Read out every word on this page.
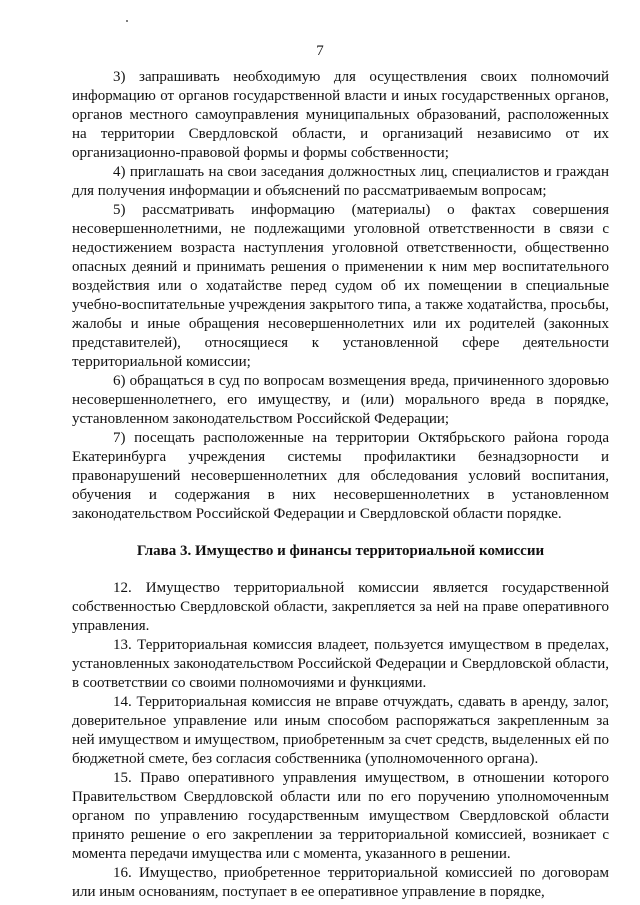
7

3) запрашивать необходимую для осуществления своих полномочий информацию от органов государственной власти и иных государственных органов, органов местного самоуправления муниципальных образований, расположенных на территории Свердловской области, и организаций независимо от их организационно-правовой формы и формы собственности;

4) приглашать на свои заседания должностных лиц, специалистов и граждан для получения информации и объяснений по рассматриваемым вопросам;

5) рассматривать информацию (материалы) о фактах совершения несовершеннолетними, не подлежащими уголовной ответственности в связи с недостижением возраста наступления уголовной ответственности, общественно опасных деяний и принимать решения о применении к ним мер воспитательного воздействия или о ходатайстве перед судом об их помещении в специальные учебно-воспитательные учреждения закрытого типа, а также ходатайства, просьбы, жалобы и иные обращения несовершеннолетних или их родителей (законных представителей), относящиеся к установленной сфере деятельности территориальной комиссии;

6) обращаться в суд по вопросам возмещения вреда, причиненного здоровью несовершеннолетнего, его имуществу, и (или) морального вреда в порядке, установленном законодательством Российской Федерации;

7) посещать расположенные на территории Октябрьского района города Екатеринбурга учреждения системы профилактики безнадзорности и правонарушений несовершеннолетних для обследования условий воспитания, обучения и содержания в них несовершеннолетних в установленном законодательством Российской Федерации и Свердловской области порядке.

Глава 3. Имущество и финансы территориальной комиссии

12. Имущество территориальной комиссии является государственной собственностью Свердловской области, закрепляется за ней на праве оперативного управления.

13. Территориальная комиссия владеет, пользуется имуществом в пределах, установленных законодательством Российской Федерации и Свердловской области, в соответствии со своими полномочиями и функциями.

14. Территориальная комиссия не вправе отчуждать, сдавать в аренду, залог, доверительное управление или иным способом распоряжаться закрепленным за ней имуществом и имуществом, приобретенным за счет средств, выделенных ей по бюджетной смете, без согласия собственника (уполномоченного органа).

15. Право оперативного управления имуществом, в отношении которого Правительством Свердловской области или по его поручению уполномоченным органом по управлению государственным имуществом Свердловской области принято решение о его закреплении за территориальной комиссией, возникает с момента передачи имущества или с момента, указанного в решении.

16. Имущество, приобретенное территориальной комиссией по договорам или иным основаниям, поступает в ее оперативное управление в порядке,
